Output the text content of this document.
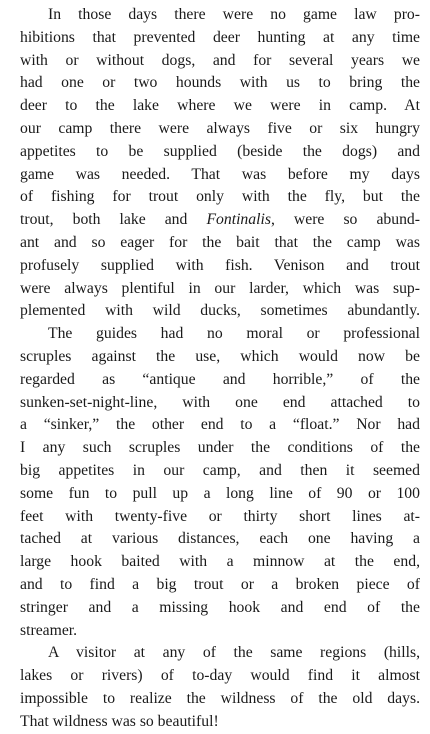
In those days there were no game law pro-
hibitions that prevented deer hunting at any time
with or without dogs, and for several years we
had one or two hounds with us to bring the
deer to the lake where we were in camp. At
our camp there were always five or six hungry
appetites to be supplied (beside the dogs) and
game was needed. That was before my days
of fishing for trout only with the fly, but the
trout, both lake and Fontinalis, were so abund-
ant and so eager for the bait that the camp was
profusely supplied with fish. Venison and trout
were always plentiful in our larder, which was sup-
plemented with wild ducks, sometimes abundantly.
The guides had no moral or professional
scruples against the use, which would now be
regarded as “antique and horrible,” of the
sunken-set-night-line, with one end attached to
a “sinker,” the other end to a “float.” Nor had
I any such scruples under the conditions of the
big appetites in our camp, and then it seemed
some fun to pull up a long line of 90 or 100
feet with twenty-five or thirty short lines at-
tached at various distances, each one having a
large hook baited with a minnow at the end,
and to find a big trout or a broken piece of
stringer and a missing hook and end of the
streamer.
A visitor at any of the same regions (hills,
lakes or rivers) of to-day would find it almost
impossible to realize the wildness of the old days.
That wildness was so beautiful!
